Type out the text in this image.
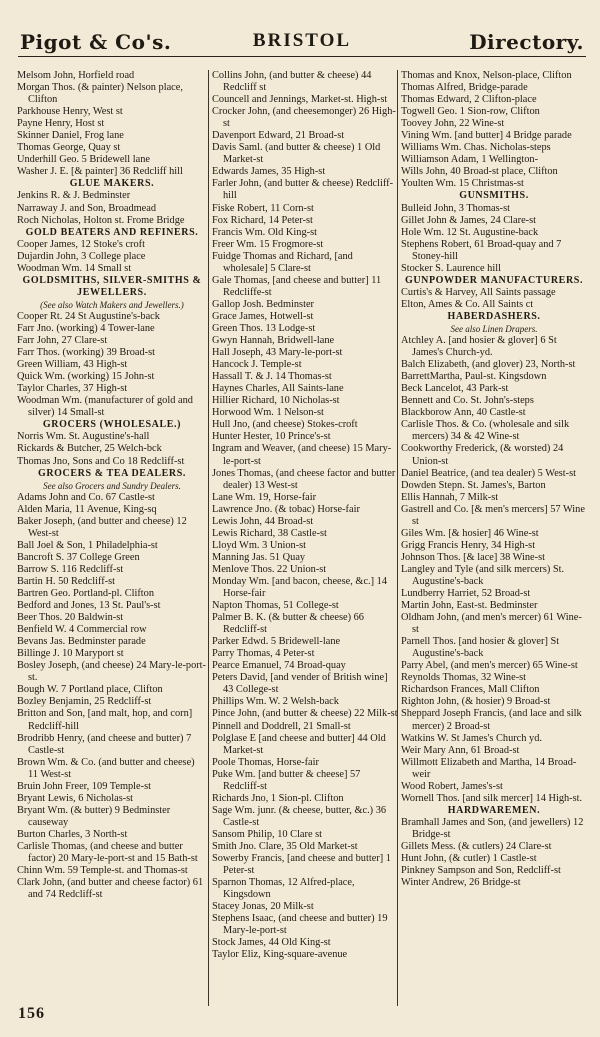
Pigot & Co's.	BRISTOL	Directory.
Melsom John, Horfield road
Morgan Thos. (& painter) Nelson place, Clifton
Parkhouse Henry, West st
Payne Henry, Host st
Skinner Daniel, Frog lane
Thomas George, Quay st
Underhill Geo. 5 Bridewell lane
Washer J. E. [& painter] 36 Redcliff hill
GLUE MAKERS.
Jenkins R. & J. Bedminster
Narraway J. and Son, Broadmead
Roch Nicholas, Holton st. Frome Bridge
GOLD BEATERS AND REFINERS.
Cooper James, 12 Stoke's croft
Dujardin John, 3 College place
Woodman Wm. 14 Small st
GOLDSMITHS, SILVER-SMITHS & JEWELLERS.
(See also Watch Makers and Jewellers.)
Cooper Rt. 24 St Augustine's-back
Farr Jno. (working) 4 Tower-lane
Farr John, 27 Clare-st
Farr Thos. (working) 39 Broad-st
Green William, 43 High-st
Quick Wm. (working) 15 John-st
Taylor Charles, 37 High-st
Woodman Wm. (manufacturer of gold and silver) 14 Small-st
GROCERS (WHOLESALE.)
Norris Wm. St. Augustine's-hall
Rickards & Butcher, 25 Welch-bck
Thomas Jno, Sons and Co 18 Redcliff-st
GROCERS & TEA DEALERS.
See also Grocers and Sundry Dealers.
Adams John and Co. 67 Castle-st
Alden Maria, 11 Avenue, King-sq
Baker Joseph, (and butter and cheese) 12 West-st
Ball Joel & Son, 1 Philadelphia-st
Bancroft S. 37 College Green
Barrow S. 116 Redcliff-st
Bartin H. 50 Redcliff-st
Bartren Geo. Portland-pl. Clifton
Bedford and Jones, 13 St. Paul's-st
Beer Thos. 20 Baldwin-st
Benfield W. 4 Commercial row
Bevans Jas. Bedminster parade
Billinge J. 10 Maryport st
Bosley Joseph, (and cheese) 24 Mary-le-port-st.
Bough W. 7 Portland place, Clifton
Bozley Benjamin, 25 Redcliff-st
Britton and Son, [and malt, hop, and corn] Redcliff-hill
Brodribb Henry, (and cheese and butter) 7 Castle-st
Brown Wm. & Co. (and butter and cheese) 11 West-st
Bruin John Freer, 109 Temple-st
Bryant Lewis, 6 Nicholas-st
Bryant Wm. (& butter) 9 Bedminster causeway
Burton Charles, 3 North-st
Carlisle Thomas, (and cheese and butter factor) 20 Mary-le-port-st and 15 Bath-st
Chinn Wm. 59 Temple-st. and Thomas-st
Clark John, (and butter and cheese factor) 61 and 74 Redcliff-st
Collins John, (and butter & cheese) 44 Redcliff st
Councell and Jennings, Market-st. High-st
Crocker John, (and cheesemonger) 26 High-st
Davenport Edward, 21 Broad-st
Davis Saml. (and butter & cheese) 1 Old Market-st
Edwards James, 35 High-st
Farler John, (and butter & cheese) Redcliff-hill
Fiske Robert, 11 Corn-st
Fox Richard, 14 Peter-st
Francis Wm. Old King-st
Freer Wm. 15 Frogmore-st
Fuidge Thomas and Richard, [and wholesale] 5 Clare-st
Gale Thomas, [and cheese and butter] 11 Redcliffe-st
Gallop Josh. Bedminster
Grace James, Hotwell-st
Green Thos. 13 Lodge-st
Gwyn Hannah, Bridwell-lane
Hall Joseph, 43 Mary-le-port-st
Hancock J. Temple-st
Hassall T. & J. 14 Thomas-st
Haynes Charles, All Saints-lane
Hillier Richard, 10 Nicholas-st
Horwood Wm. 1 Nelson-st
Hull Jno, (and cheese) Stokes-croft
Hunter Hester, 10 Prince's-st
Ingram and Weaver, (and cheese) 15 Mary-le-port-st
Jones Thomas, (and cheese factor and butter dealer) 13 West-st
Lane Wm. 19, Horse-fair
Lawrence Jno. (& tobac) Horse-fair
Lewis John, 44 Broad-st
Lewis Richard, 38 Castle-st
Lloyd Wm. 3 Union-st
Manning Jas. 51 Quay
Menlove Thos. 22 Union-st
Monday Wm. [and bacon, cheese, &c.] 14 Horse-fair
Napton Thomas, 51 College-st
Palmer B. K. (& butter & cheese) 66 Redcliff-st
Parker Edwd. 5 Bridewell-lane
Parry Thomas, 4 Peter-st
Pearce Emanuel, 74 Broad-quay
Peters David, [and vender of British wine] 43 College-st
Phillips Wm. W. 2 Welsh-back
Pince John, (and butter & cheese) 22 Milk-st
Pinnell and Doddrell, 21 Small-st
Polglase E [and cheese and butter] 44 Old Market-st
Poole Thomas, Horse-fair
Puke Wm. [and butter & cheese] 57 Redcliff-st
Richards Jno, 1 Sion-pl. Clifton
Sage Wm. junr. (& cheese, butter, &c.) 36 Castle-st
Sansom Philip, 10 Clare st
Smith Jno. Clare, 35 Old Market-st
Sowerby Francis, [and cheese and butter] 1 Peter-st
Sparnon Thomas, 12 Alfred-place, Kingsdown
Stacey Jonas, 20 Milk-st
Stephens Isaac, (and cheese and butter) 19 Mary-le-port-st
Stock James, 44 Old King-st
Taylor Eliz, King-square-avenue
Thomas and Knox, Nelson-place, Clifton
Thomas Alfred, Bridge-parade
Thomas Edward, 2 Clifton-place
Togwell Geo. 1 Sion-row, Clifton
Toovey John, 22 Wine-st
Vining Wm. [and butter] 4 Bridge parade
Williams Wm. Chas. Nicholas-steps
Williamson Adam, 1 Wellington-
Wills John, 40 Broad-st place, Clifton
Youlten Wm. 15 Christmas-st
GUNSMITHS.
Bulleid John, 3 Thomas-st
Gillet John & James, 24 Clare-st
Hole Wm. 12 St. Augustine-back
Stephens Robert, 61 Broad-quay and 7 Stoney-hill
Stocker S. Laurence hill
GUNPOWDER MANUFACTURERS.
Curtis's & Harvey, All Saints passage
Elton, Ames & Co. All Saints ct
HABERDASHERS.
See also Linen Drapers.
Atchley A. [and hosier & glover] 6 St James's Church-yd.
Balch Elizabeth, (and glover) 23, North-st
BarrettMartha, Paul-st. Kingsdown
Beck Lancelot, 43 Park-st
Bennett and Co. St. John's-steps
Blackborow Ann, 40 Castle-st
Carlisle Thos. & Co. (wholesale and silk mercers) 34 & 42 Wine-st
Cookworthy Frederick, (& worsted) 24 Union-st
Daniel Beatrice, (and tea dealer) 5 West-st
Dowden Stepn. St. James's, Barton
Ellis Hannah, 7 Milk-st
Gastrell and Co. [& men's mercers] 57 Wine st
Giles Wm. [& hosier] 46 Wine-st
Grigg Francis Henry, 34 High-st
Johnson Thos. [& lace] 38 Wine-st
Langley and Tyle (and silk mercers) St. Augustine's-back
Lundberry Harriet, 52 Broad-st
Martin John, East-st. Bedminster
Oldham John, (and men's mercer) 61 Wine-st
Parnell Thos. [and hosier & glover] St Augustine's-back
Parry Abel, (and men's mercer) 65 Wine-st
Reynolds Thomas, 32 Wine-st
Richardson Frances, Mall Clifton
Righton John, (& hosier) 9 Broad-st
Sheppard Joseph Francis, (and lace and silk mercer) 2 Broad-st
Watkins W. St James's Church yd.
Weir Mary Ann, 61 Broad-st
Willmott Elizabeth and Martha, 14 Broad-weir
Wood Robert, James's-st
Wornell Thos. [and silk mercer] 14 High-st.
HARDWAREMEN.
Bramhall James and Son, (and jewellers) 12 Bridge-st
Gillets Mess. (& cutlers) 24 Clare-st
Hunt John, (& cutler) 1 Castle-st
Pinkney Sampson and Son, Redcliff-st
Winter Andrew, 26 Bridge-st
156
